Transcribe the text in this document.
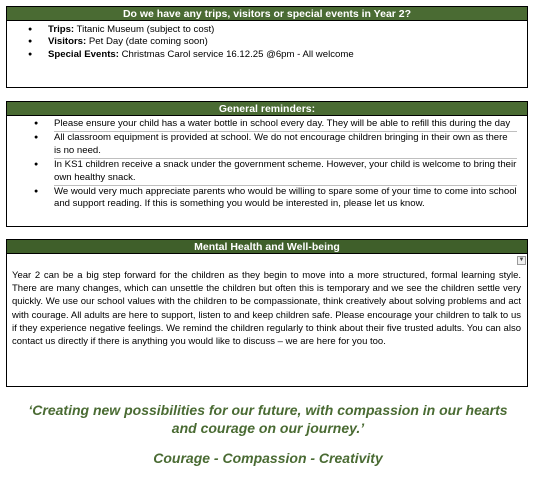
Do we have any trips, visitors or special events in Year 2?
● Trips: Titanic Museum (subject to cost)
● Visitors: Pet Day (date coming soon)
● Special Events: Christmas Carol service 16.12.25 @6pm - All welcome
General reminders:
● Please ensure your child has a water bottle in school every day. They will be able to refill this during the day
● All classroom equipment is provided at school. We do not encourage children bringing in their own as there is no need.
● In KS1 children receive a snack under the government scheme. However, your child is welcome to bring their own healthy snack.
● We would very much appreciate parents who would be willing to spare some of your time to come into school and support reading. If this is something you would be interested in, please let us know.
Mental Health and Well-being
▼

Year 2 can be a big step forward for the children as they begin to move into a more structured, formal learning style. There are many changes, which can unsettle the children but often this is temporary and we see the children settle very quickly. We use our school values with the children to be compassionate, think creatively about solving problems and act with courage. All adults are here to support, listen to and keep children safe. Please encourage your children to talk to us if they experience negative feelings. We remind the children regularly to think about their five trusted adults. You can also contact us directly if there is anything you would like to discuss – we are here for you too.

‘Creating new possibilities for our future, with compassion in our hearts and courage on our journey.’
Courage - Compassion - Creativity
